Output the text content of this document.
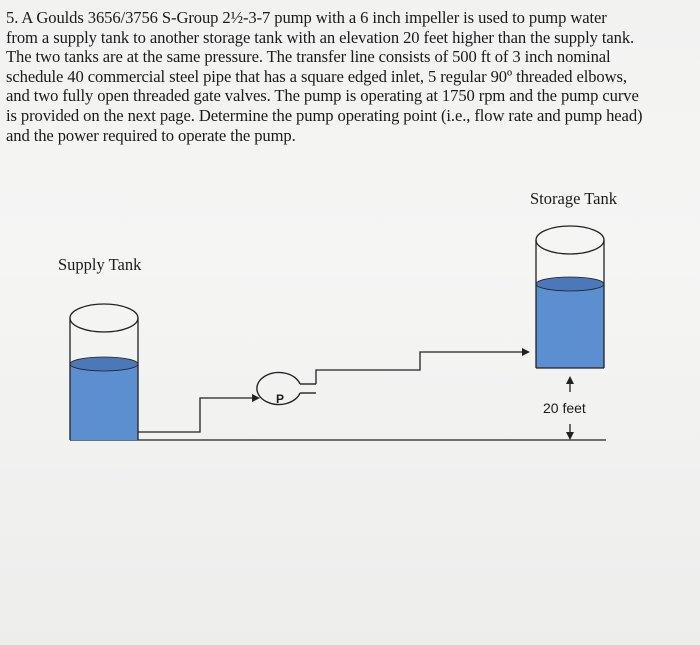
5. A Goulds 3656/3756 S-Group 2½-3-7 pump with a 6 inch impeller is used to pump water
from a supply tank to another storage tank with an elevation 20 feet higher than the supply tank.
The two tanks are at the same pressure. The transfer line consists of 500 ft of 3 inch nominal
schedule 40 commercial steel pipe that has a square edged inlet, 5 regular 90º threaded elbows,
and two fully open threaded gate valves. The pump is operating at 1750 rpm and the pump curve
is provided on the next page. Determine the pump operating point (i.e., flow rate and pump head)
and the power required to operate the pump.
Supply Tank
Storage Tank
P
20 feet
